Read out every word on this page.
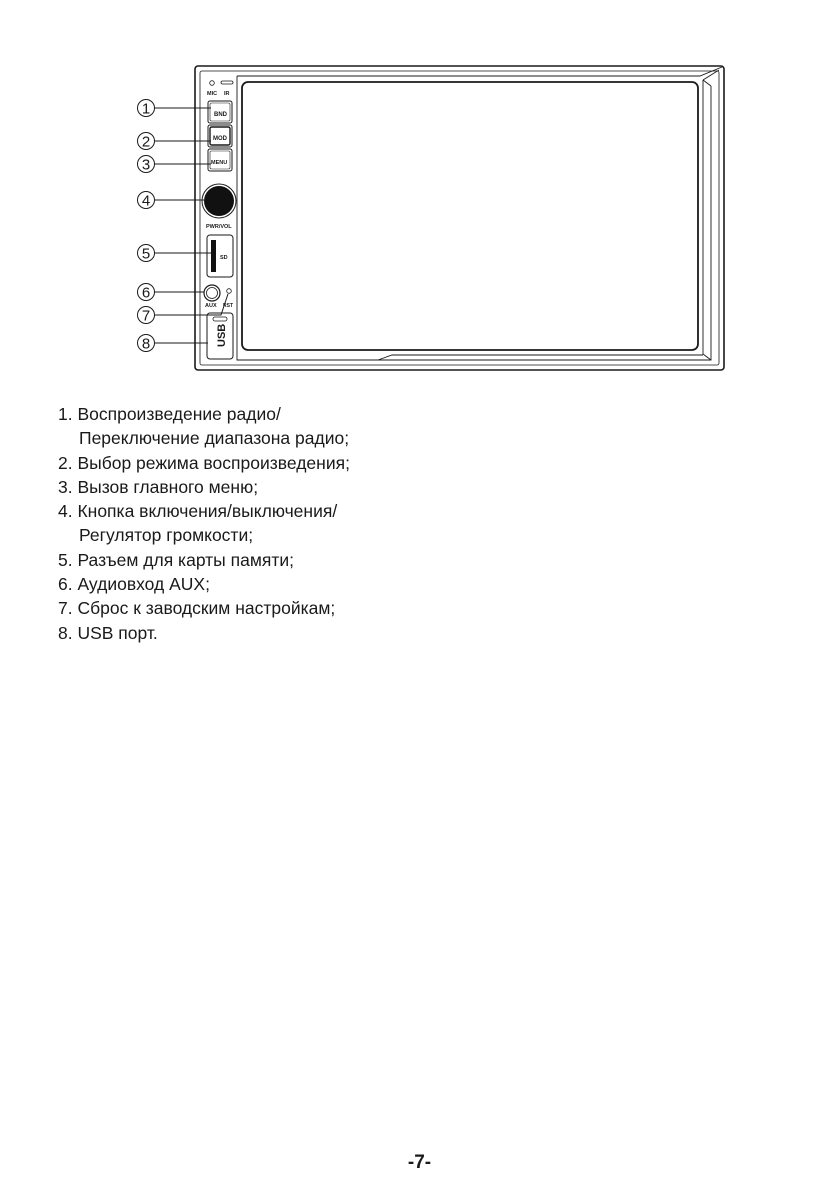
MIC IR
BND
MOD
MENU
PWR/VOL
SD
AUX RST
USB
1
2
3
4
5
6
7
8
1. Воспроизведение радио/
Переключение диапазона радио;
2. Выбор режима воспроизведения;
3. Вызов главного меню;
4. Кнопка включения/выключения/
Регулятор громкости;
5. Разъем для карты памяти;
6. Аудиовход AUX;
7. Сброс к заводским настройкам;
8. USB порт.
-7-
